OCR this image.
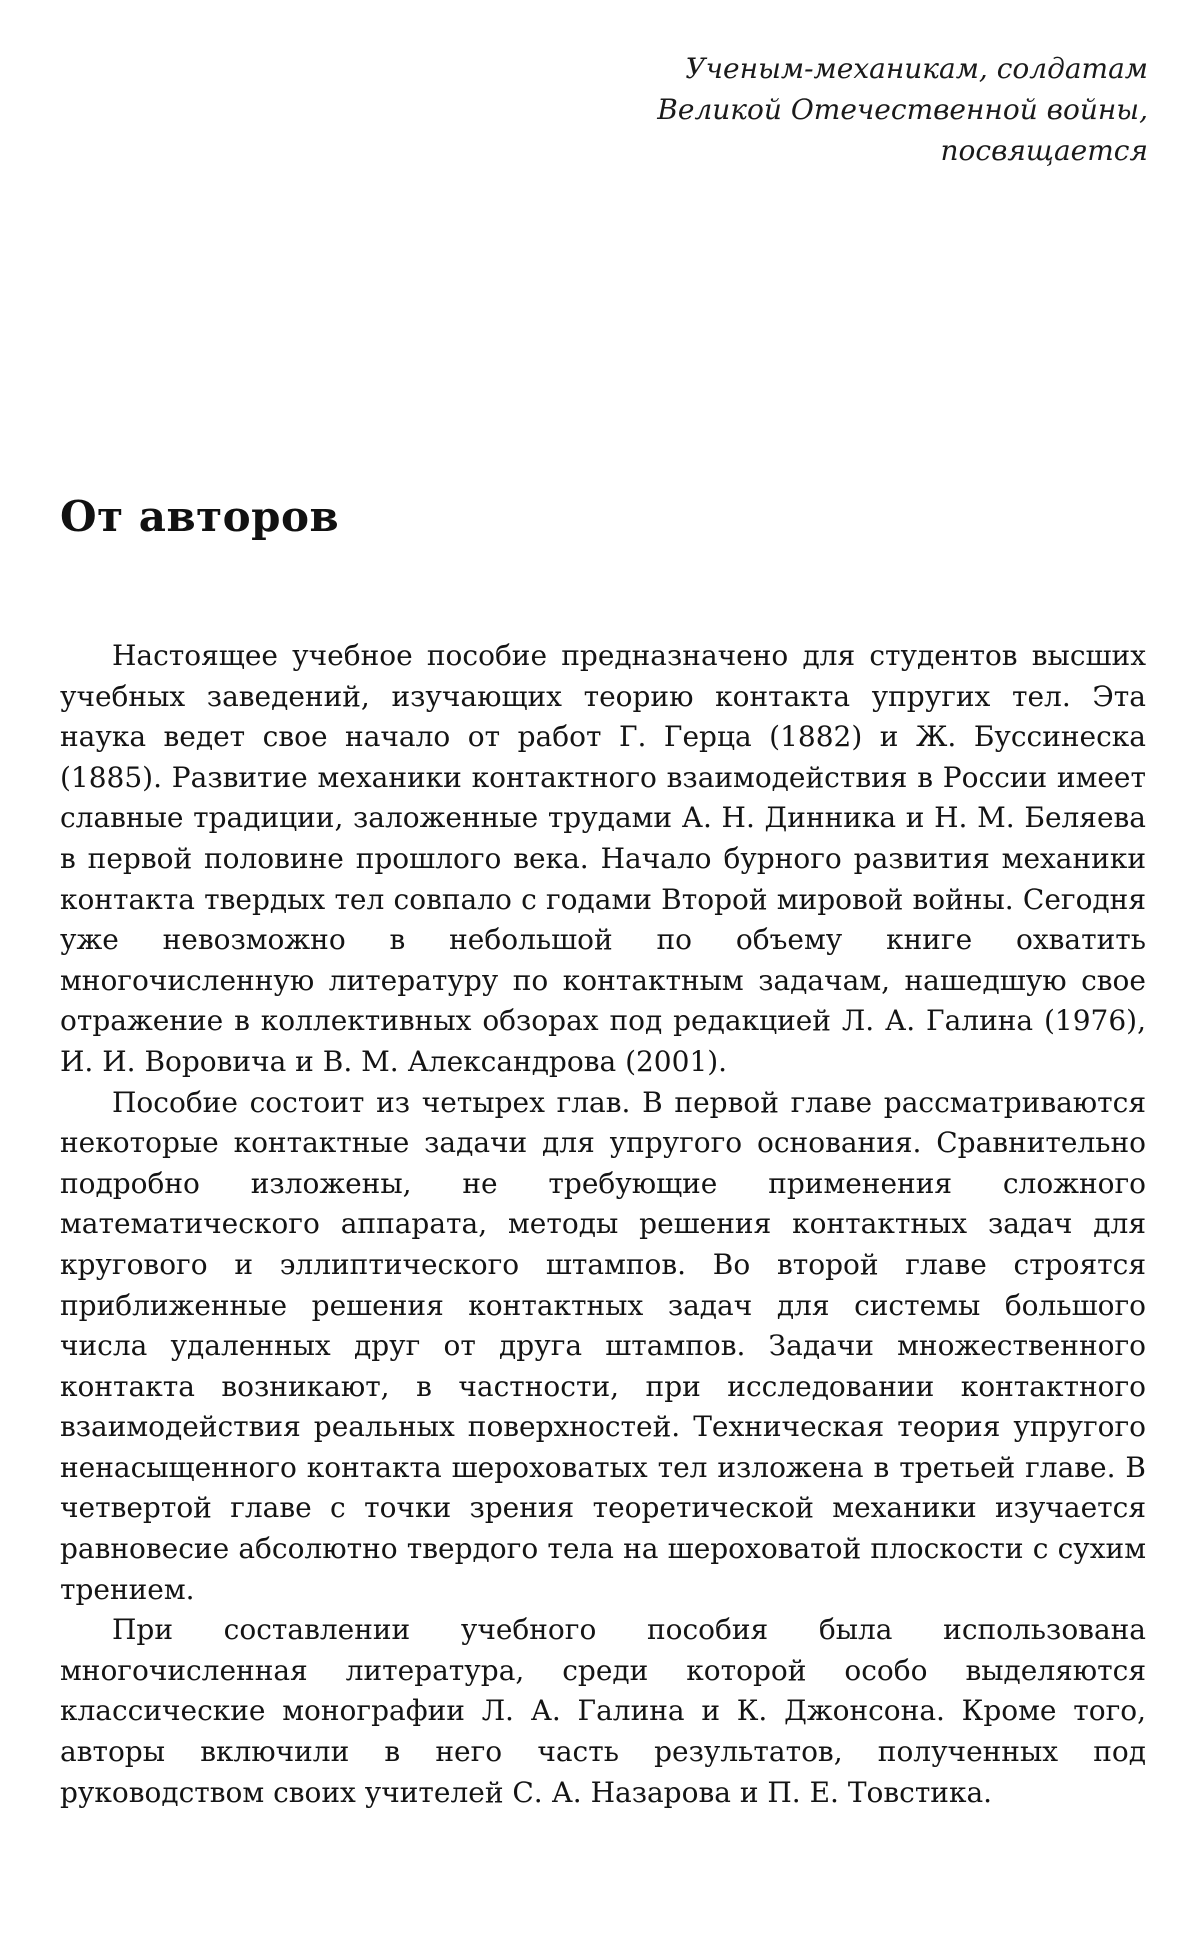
Ученым-механикам, солдатам
Великой Отечественной войны,
посвящается
От авторов

Настоящее учебное пособие предназначено для студентов высших учебных заведений, изучающих теорию контакта упругих тел. Эта наука ведет свое начало от работ Г. Герца (1882) и Ж. Буссинеска (1885). Развитие механики контактного взаимодействия в России имеет славные традиции, заложенные трудами А. Н. Динника и Н. М. Беляева в первой половине прошлого века. Начало бурного развития механики контакта твердых тел совпало с годами Второй мировой войны. Сегодня уже невозможно в небольшой по объему книге охватить многочисленную литературу по контактным задачам, нашедшую свое отражение в коллективных обзорах под редакцией Л. А. Галина (1976), И. И. Воровича и В. М. Александрова (2001).

Пособие состоит из четырех глав. В первой главе рассматриваются некоторые контактные задачи для упругого основания. Сравнительно подробно изложены, не требующие применения сложного математического аппарата, методы решения контактных задач для кругового и эллиптического штампов. Во второй главе строятся приближенные решения контактных задач для системы большого числа удаленных друг от друга штампов. Задачи множественного контакта возникают, в частности, при исследовании контактного взаимодействия реальных поверхностей. Техническая теория упругого ненасыщенного контакта шероховатых тел изложена в третьей главе. В четвертой главе с точки зрения теоретической механики изучается равновесие абсолютно твердого тела на шероховатой плоскости с сухим трением.

При составлении учебного пособия была использована многочисленная литература, среди которой особо выделяются классические монографии Л. А. Галина и К. Джонсона. Кроме того, авторы включили в него часть результатов, полученных под руководством своих учителей С. А. Назарова и П. Е. Товстика.
